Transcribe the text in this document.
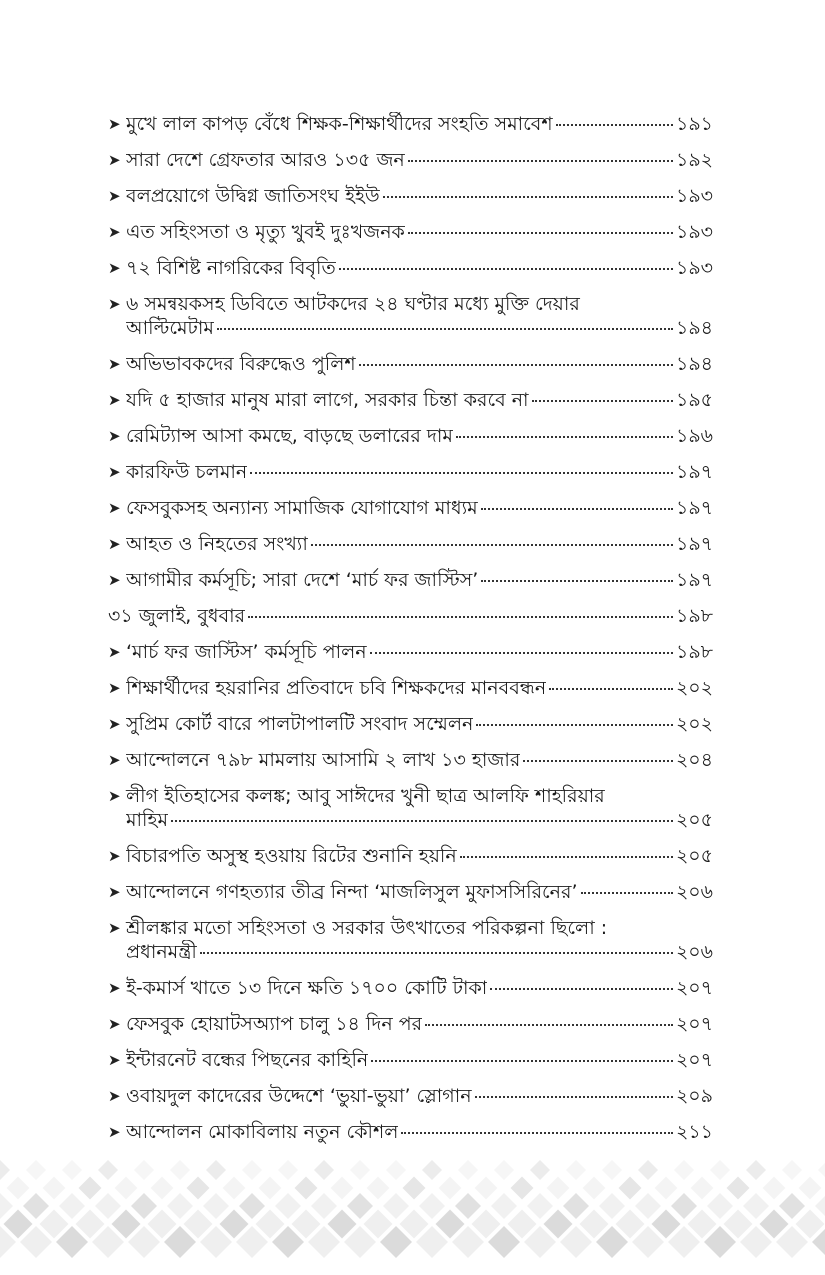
➤ মুখে লাল কাপড় বেঁধে শিক্ষক-শিক্ষার্থীদের সংহতি সমাবেশ	১৯১
➤ সারা দেশে গ্রেফতার আরও ১৩৫ জন	১৯২
➤ বলপ্রয়োগে উদ্বিগ্ন জাতিসংঘ ইইউ	১৯৩
➤ এত সহিংসতা ও মৃত্যু খুবই দুঃখজনক	১৯৩
➤ ৭২ বিশিষ্ট নাগরিকের বিবৃতি	১৯৩
➤ ৬ সমন্বয়কসহ ডিবিতে আটকদের ২৪ ঘণ্টার মধ্যে মুক্তি দেয়ার
আল্টিমেটাম	১৯৪
➤ অভিভাবকদের বিরুদ্ধেও পুলিশ	১৯৪
➤ যদি ৫ হাজার মানুষ মারা লাগে, সরকার চিন্তা করবে না	১৯৫
➤ রেমিট্যান্স আসা কমছে, বাড়ছে ডলারের দাম	১৯৬
➤ কারফিউ চলমান	১৯৭
➤ ফেসবুকসহ অন্যান্য সামাজিক যোগাযোগ মাধ্যম	১৯৭
➤ আহত ও নিহতের সংখ্যা	১৯৭
➤ আগামীর কর্মসূচি; সারা দেশে ‘মার্চ ফর জাস্টিস’	১৯৭
৩১ জুলাই, বুধবার	১৯৮
➤ ‘মার্চ ফর জাস্টিস’ কর্মসূচি পালন	১৯৮
➤ শিক্ষার্থীদের হয়রানির প্রতিবাদে চবি শিক্ষকদের মানববন্ধন	২০২
➤ সুপ্রিম কোর্ট বারে পালটাপালটি সংবাদ সম্মেলন	২০২
➤ আন্দোলনে ৭৯৮ মামলায় আসামি ২ লাখ ১৩ হাজার	২০৪
➤ লীগ ইতিহাসের কলঙ্ক; আবু সাঈদের খুনী ছাত্র আলফি শাহরিয়ার
মাহিম	২০৫
➤ বিচারপতি অসুস্থ হওয়ায় রিটের শুনানি হয়নি	২০৫
➤ আন্দোলনে গণহত্যার তীব্র নিন্দা ‘মাজলিসুল মুফাসসিরিনের’	২০৬
➤ শ্রীলঙ্কার মতো সহিংসতা ও সরকার উৎখাতের পরিকল্পনা ছিলো :
প্রধানমন্ত্রী	২০৬
➤ ই-কমার্স খাতে ১৩ দিনে ক্ষতি ১৭০০ কোটি টাকা	২০৭
➤ ফেসবুক হোয়াটসঅ্যাপ চালু ১৪ দিন পর	২০৭
➤ ইন্টারনেট বন্ধের পিছনের কাহিনি	২০৭
➤ ওবায়দুল কাদেরের উদ্দেশে ‘ভুয়া-ভুয়া’ স্লোগান	২০৯
➤ আন্দোলন মোকাবিলায় নতুন কৌশল	২১১
